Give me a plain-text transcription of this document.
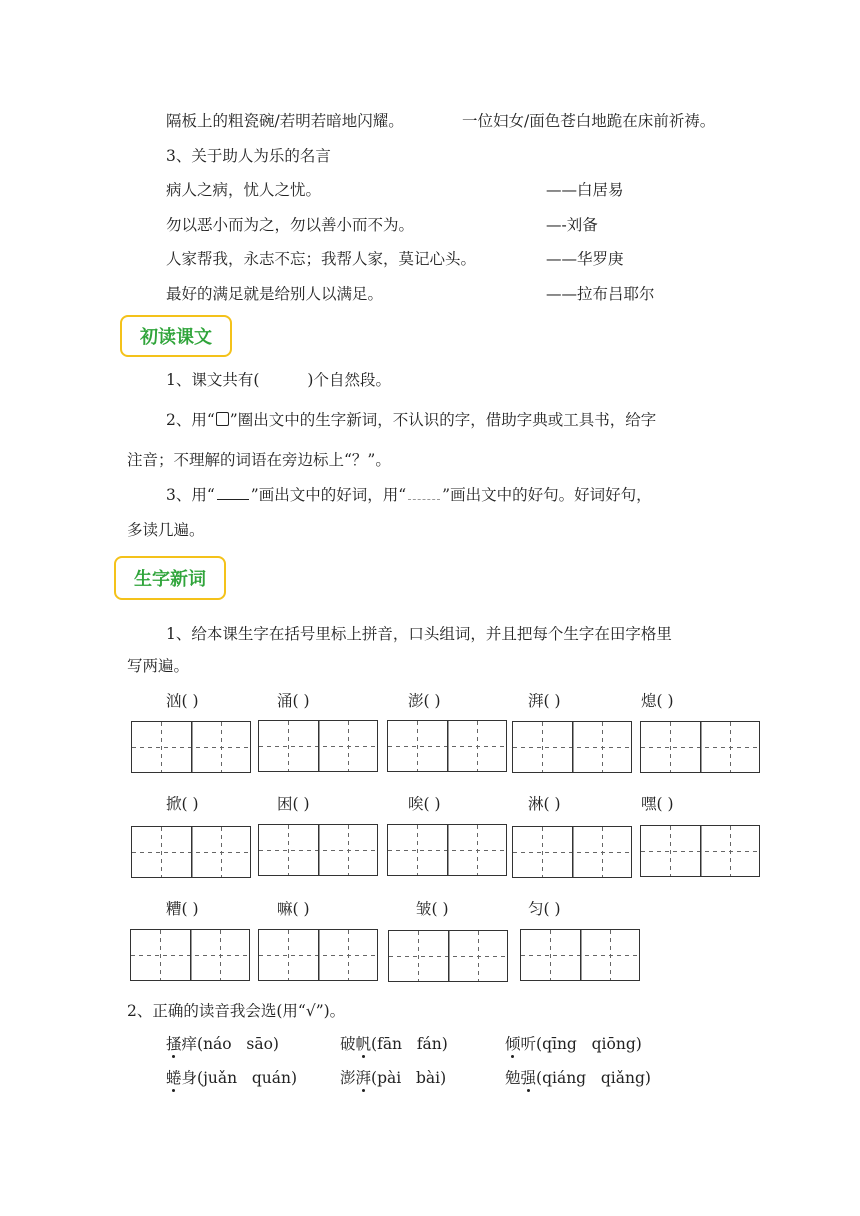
隔板上的粗瓷碗/若明若暗地闪耀。	一位妇女/面色苍白地跪在床前祈祷。
3、关于助人为乐的名言
病人之病，忧人之忧。	——白居易
勿以恶小而为之，勿以善小而不为。	—-刘备
人家帮我，永志不忘；我帮人家，莫记心头。	——华罗庚
最好的满足就是给别人以满足。	——拉布吕耶尔
初读课文
1、课文共有(	)个自然段。
2、用“ ”圈出文中的生字新词，不认识的字，借助字典或工具书，给字
注音；不理解的词语在旁边标上“？”。
3、用“ ”画出文中的好词，用“ ”画出文中的好句。好词好句，
多读几遍。
生字新词
1、给本课生字在括号里标上拼音，口头组词，并且把每个生字在田字格里
写两遍。
汹( )	涌( )	澎( )	湃( )	熄( )
掀( )	困( )	唉( )	淋( )	嘿( )
糟( )	嘛( )	皱( )	匀( )
2、正确的读音我会选(用“√”)。
搔痒(náo   sāo)	破帆(fān   fán)	倾听(qīng   qiōng)
蜷身(juǎn   quán)	澎湃(pài   bài)	勉强(qiáng   qiǎng)
